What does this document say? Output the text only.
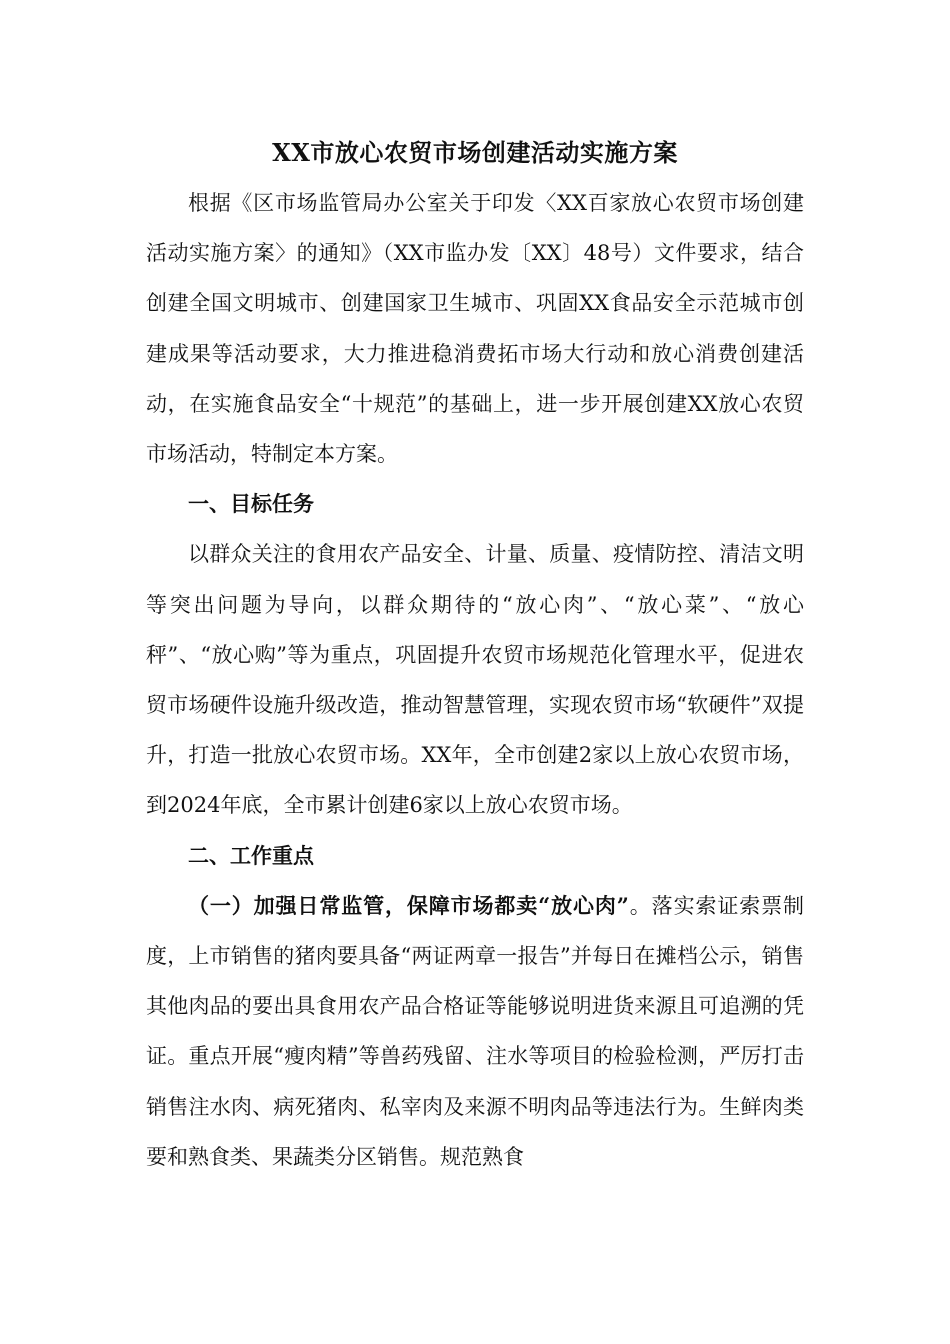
XX市放心农贸市场创建活动实施方案

根据《区市场监管局办公室关于印发〈XX百家放心农贸市场创建活动实施方案〉的通知》（XX市监办发〔XX〕48号）文件要求，结合创建全国文明城市、创建国家卫生城市、巩固XX食品安全示范城市创建成果等活动要求，大力推进稳消费拓市场大行动和放心消费创建活动，在实施食品安全“十规范”的基础上，进一步开展创建XX放心农贸市场活动，特制定本方案。

一、目标任务

以群众关注的食用农产品安全、计量、质量、疫情防控、清洁文明等突出问题为导向，以群众期待的“放心肉”、“放心菜”、“放心秤”、“放心购”等为重点，巩固提升农贸市场规范化管理水平，促进农贸市场硬件设施升级改造，推动智慧管理，实现农贸市场“软硬件”双提升，打造一批放心农贸市场。XX年，全市创建2家以上放心农贸市场，到2024年底，全市累计创建6家以上放心农贸市场。

二、工作重点

（一）加强日常监管，保障市场都卖“放心肉”。落实索证索票制度，上市销售的猪肉要具备“两证两章一报告”并每日在摊档公示，销售其他肉品的要出具食用农产品合格证等能够说明进货来源且可追溯的凭证。重点开展“瘦肉精”等兽药残留、注水等项目的检验检测，严厉打击销售注水肉、病死猪肉、私宰肉及来源不明肉品等违法行为。生鲜肉类要和熟食类、果蔬类分区销售。规范熟食
